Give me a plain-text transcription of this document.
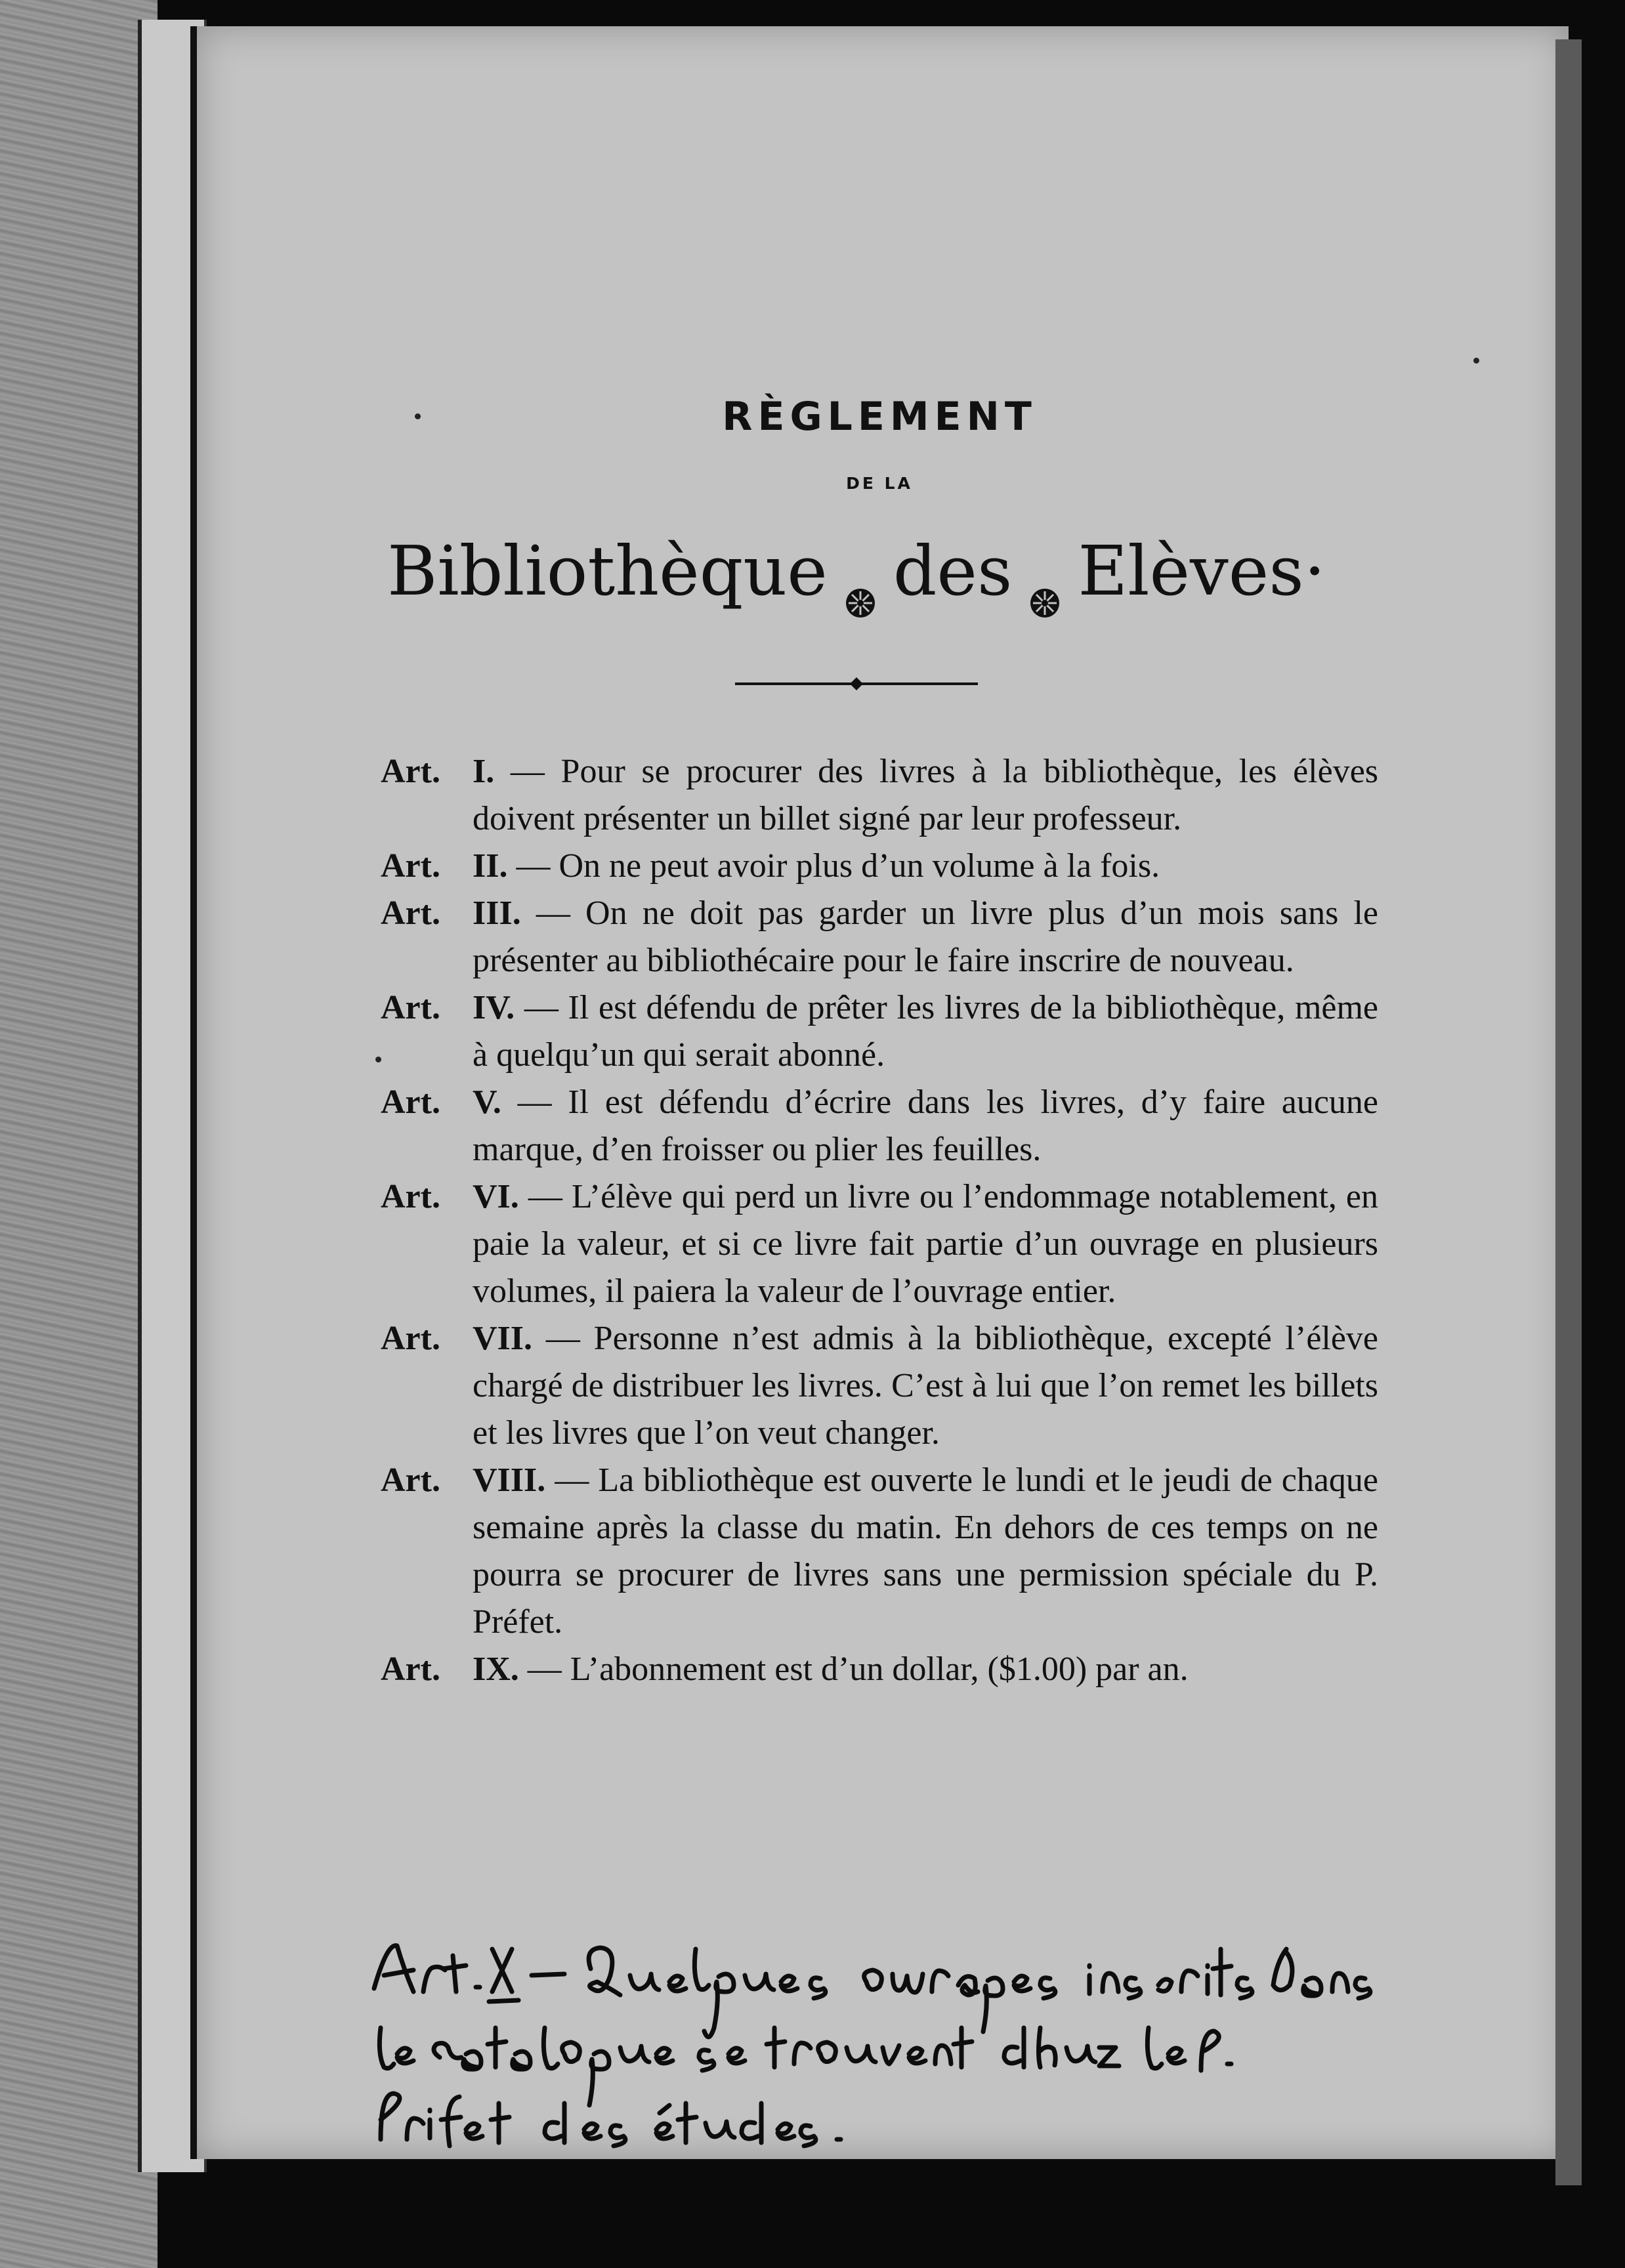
RÈGLEMENT
DE LA
Bibliothèque des Elèves·
Art. I. — Pour se procurer des livres à la bibliothèque, les élèves doivent présenter un billet signé par leur professeur.
Art. II. — On ne peut avoir plus d’un volume à la fois.
Art. III. — On ne doit pas garder un livre plus d’un mois sans le présenter au bibliothécaire pour le faire inscrire de nouveau.
Art. IV. — Il est défendu de prêter les livres de la bibliothèque, même à quelqu’un qui serait abonné.
Art. V. — Il est défendu d’écrire dans les livres, d’y faire aucune marque, d’en froisser ou plier les feuilles.
Art. VI. — L’élève qui perd un livre ou l’endommage notablement, en paie la valeur, et si ce livre fait partie d’un ouvrage en plusieurs volumes, il paiera la valeur de l’ouvrage entier.
Art. VII. — Personne n’est admis à la bibliothèque, excepté l’élève chargé de distribuer les livres. C’est à lui que l’on remet les billets et les livres que l’on veut changer.
Art. VIII. — La bibliothèque est ouverte le lundi et le jeudi de chaque semaine après la classe du matin. En dehors de ces temps on ne pourra se procurer de livres sans une permission spéciale du P. Préfet.
Art. IX. — L’abonnement est d’un dollar, ($1.00) par an.
